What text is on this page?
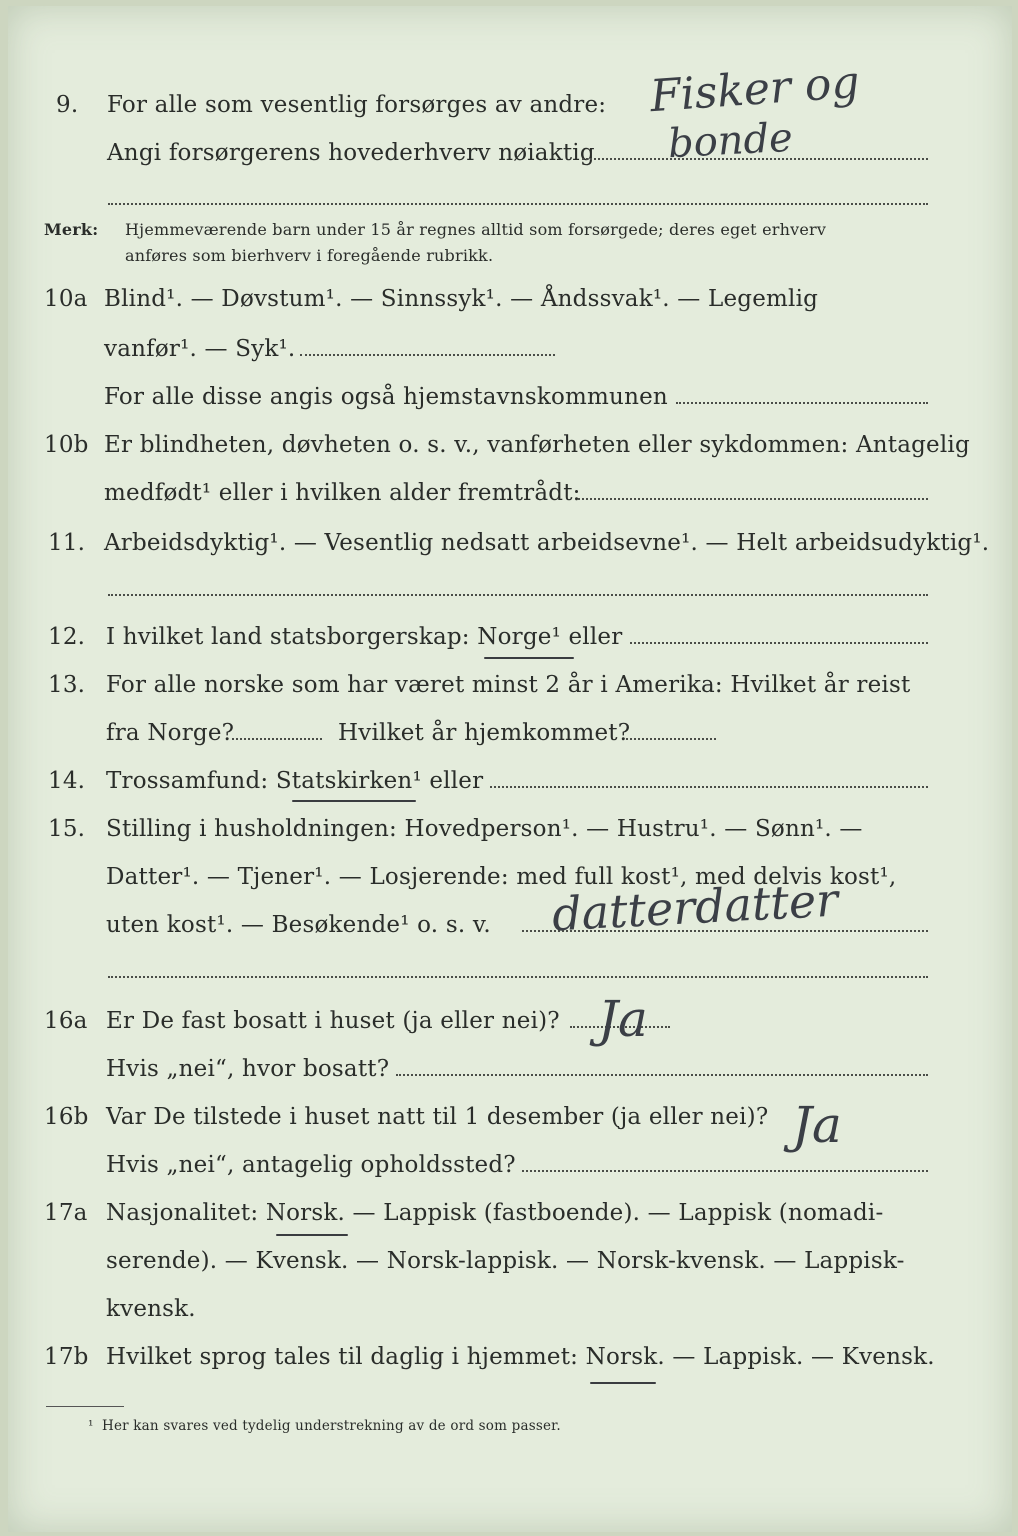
9. For alle som vesentlig forsørges av andre:
Angi forsørgerens hovederhverv nøiaktig
Fisker og
bonde
Merk: Hjemmeværende barn under 15 år regnes alltid som forsørgede; deres eget erhverv
anføres som bierhverv i foregående rubrikk.
10a Blind¹. — Døvstum¹. — Sinnssyk¹. — Åndssvak¹. — Legemlig
vanfør¹. — Syk¹.
For alle disse angis også hjemstavnskommunen
10b Er blindheten, døvheten o. s. v., vanførheten eller sykdommen: Antagelig
medfødt¹ eller i hvilken alder fremtrådt:
11. Arbeidsdyktig¹. — Vesentlig nedsatt arbeidsevne¹. — Helt arbeidsudyktig¹.
12. I hvilket land statsborgerskap: Norge¹ eller
13. For alle norske som har været minst 2 år i Amerika: Hvilket år reist
fra Norge?	Hvilket år hjemkommet?
14. Trossamfund: Statskirken¹ eller
15. Stilling i husholdningen: Hovedperson¹. — Hustru¹. — Sønn¹. —
Datter¹. — Tjener¹. — Losjerende: med full kost¹, med delvis kost¹,
uten kost¹. — Besøkende¹ o. s. v. datterdatter
16a Er De fast bosatt i huset (ja eller nei)? Ja
Hvis „nei“, hvor bosatt?
16b Var De tilstede i huset natt til 1 desember (ja eller nei)? Ja
Hvis „nei“, antagelig opholdssted?
17a Nasjonalitet: Norsk. — Lappisk (fastboende). — Lappisk (nomadi-
serende). — Kvensk. — Norsk-lappisk. — Norsk-kvensk. — Lappisk-
kvensk.
17b Hvilket sprog tales til daglig i hjemmet: Norsk. — Lappisk. — Kvensk.
¹ Her kan svares ved tydelig understrekning av de ord som passer.
